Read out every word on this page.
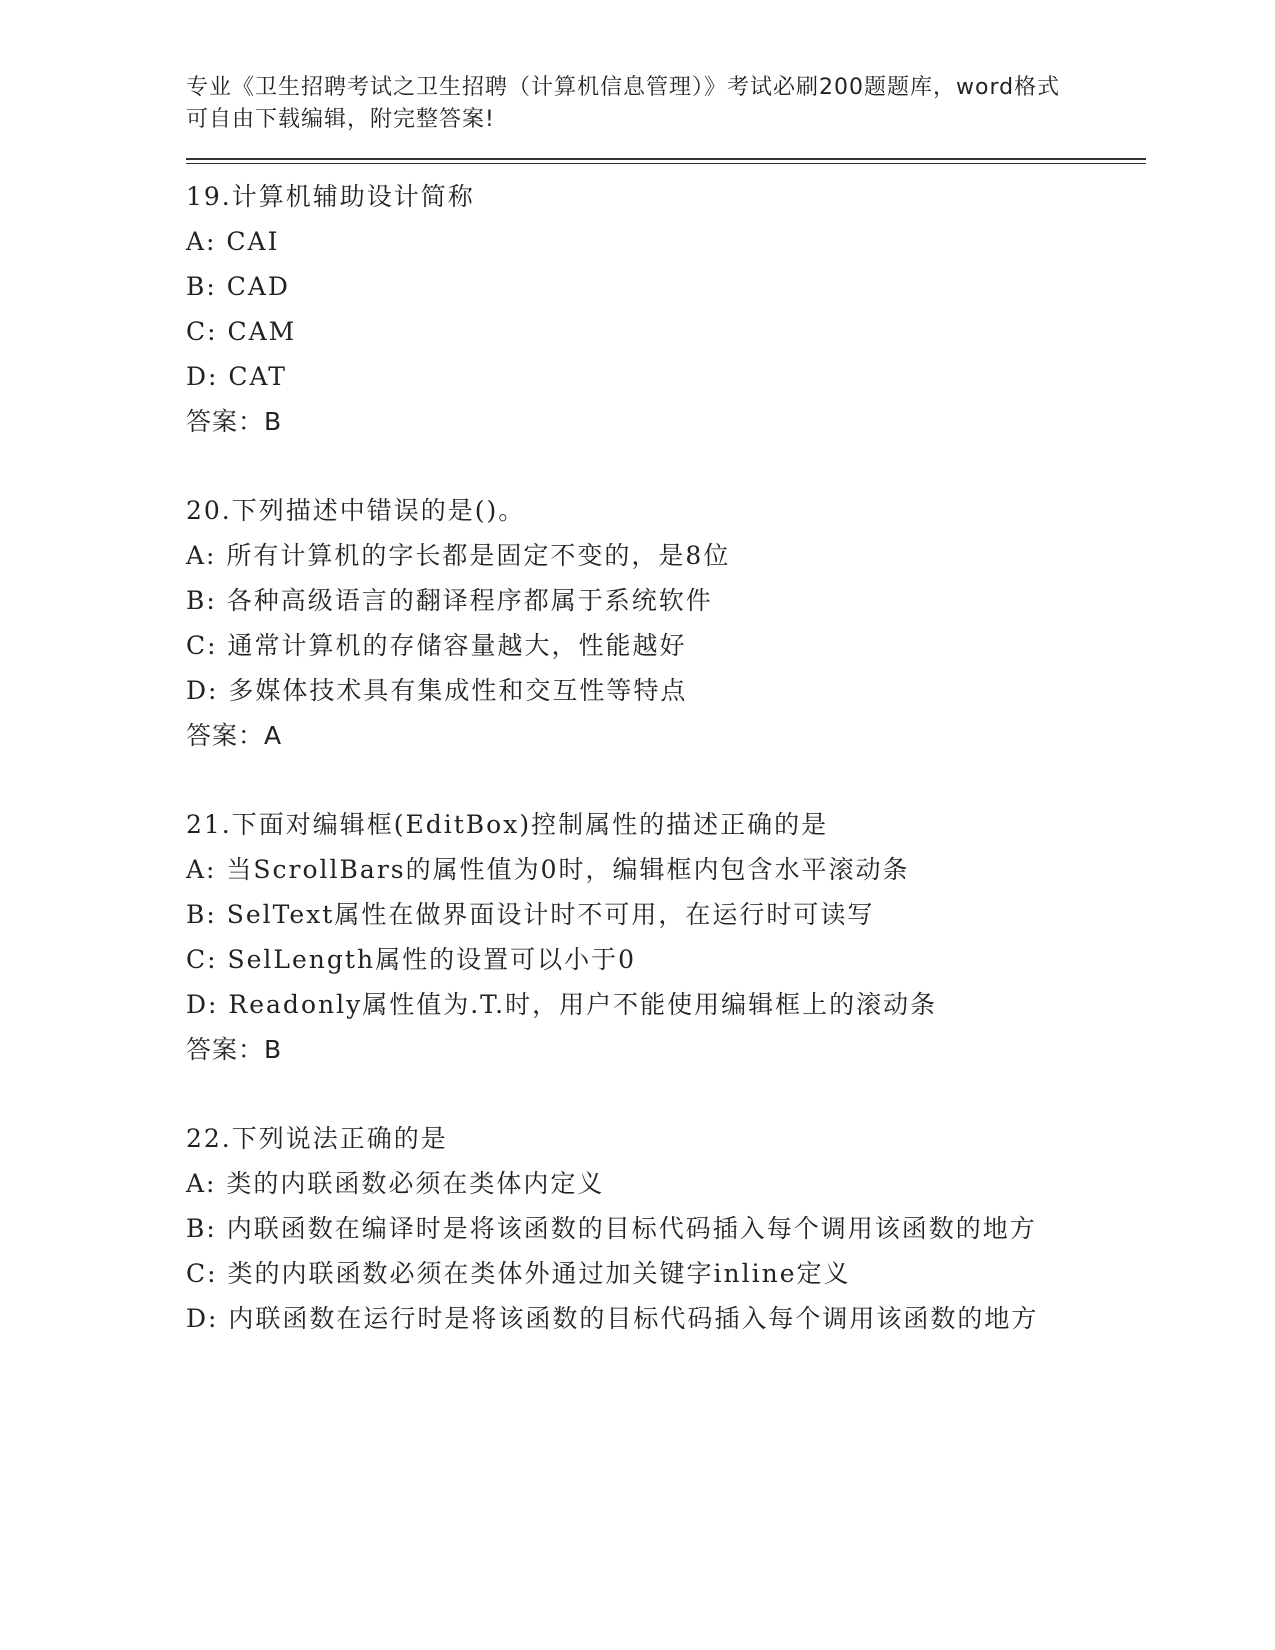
专业《卫生招聘考试之卫生招聘（计算机信息管理）》考试必刷200题题库，word格式可自由下载编辑，附完整答案!
19.计算机辅助设计简称
A: CAI
B: CAD
C: CAM
D: CAT
答案：B
20.下列描述中错误的是()。
A: 所有计算机的字长都是固定不变的，是8位
B: 各种高级语言的翻译程序都属于系统软件
C: 通常计算机的存储容量越大，性能越好
D: 多媒体技术具有集成性和交互性等特点
答案：A
21.下面对编辑框(EditBox)控制属性的描述正确的是
A: 当ScrollBars的属性值为0时，编辑框内包含水平滚动条
B: SelText属性在做界面设计时不可用，在运行时可读写
C: SelLength属性的设置可以小于0
D: Readonly属性值为.T.时，用户不能使用编辑框上的滚动条
答案：B
22.下列说法正确的是
A: 类的内联函数必须在类体内定义
B: 内联函数在编译时是将该函数的目标代码插入每个调用该函数的地方
C: 类的内联函数必须在类体外通过加关键字inline定义
D: 内联函数在运行时是将该函数的目标代码插入每个调用该函数的地方
